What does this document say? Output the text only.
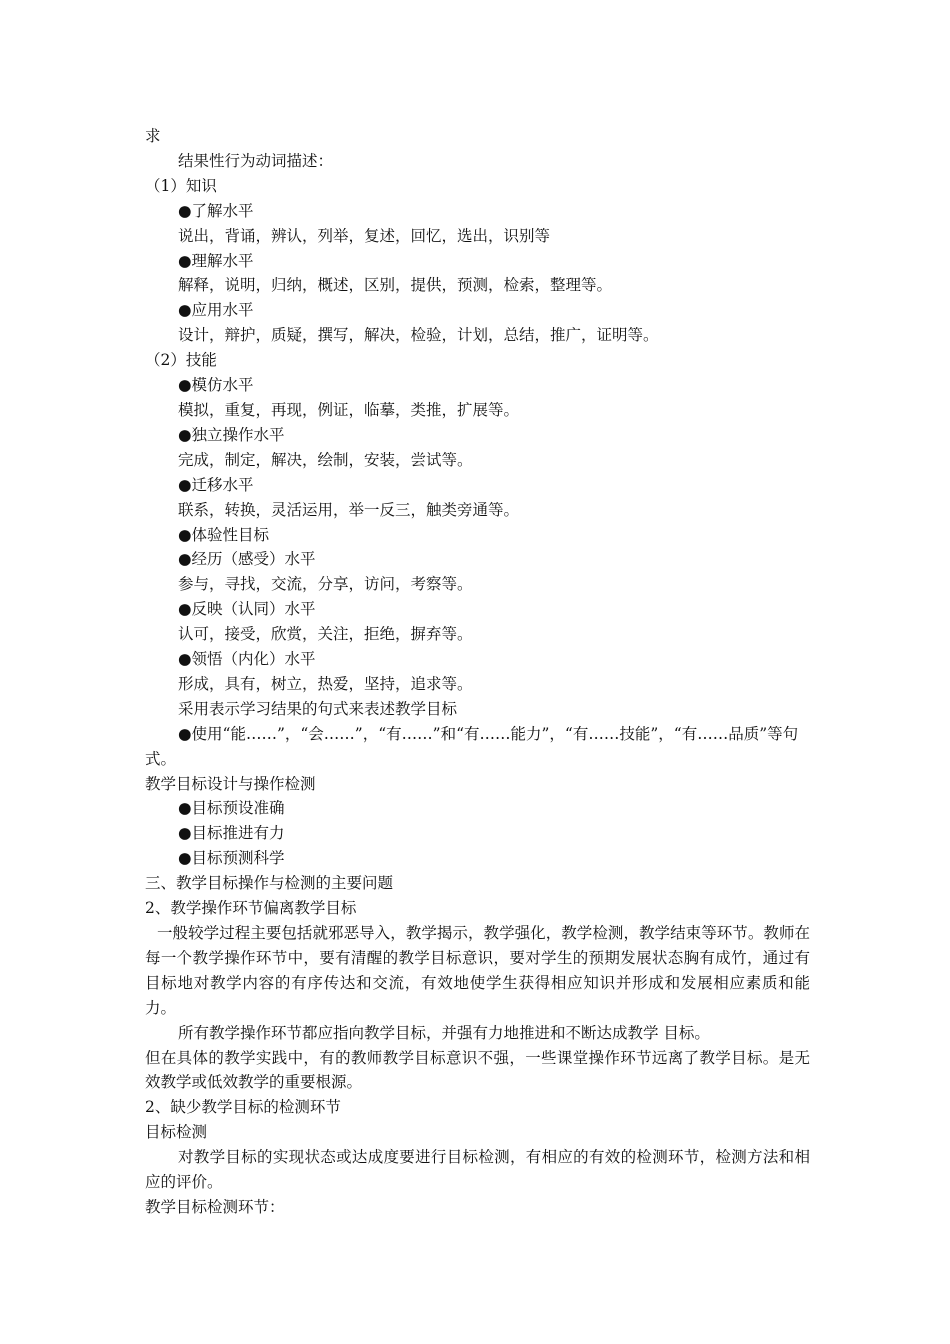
求
结果性行为动词描述：
（1）知识
●了解水平
说出，背诵，辨认，列举，复述，回忆，选出，识别等
●理解水平
解释，说明，归纳，概述，区别，提供，预测，检索，整理等。
●应用水平
设计，辩护，质疑，撰写，解决，检验，计划，总结，推广，证明等。
（2）技能
●模仿水平
模拟，重复，再现，例证，临摹，类推，扩展等。
●独立操作水平
完成，制定，解决，绘制，安装，尝试等。
●迁移水平
联系，转换，灵活运用，举一反三，触类旁通等。
●体验性目标
●经历（感受）水平
参与，寻找，交流，分享，访问，考察等。
●反映（认同）水平
认可，接受，欣赏，关注，拒绝，摒弃等。
●领悟（内化）水平
形成，具有，树立，热爱，坚持，追求等。
采用表示学习结果的句式来表述教学目标
●使用“能……”，“会……”，“有……”和“有……能力”，“有……技能”，“有……品质”等句式。
教学目标设计与操作检测
●目标预设准确
●目标推进有力
●目标预测科学
三、教学目标操作与检测的主要问题
2、教学操作环节偏离教学目标
一般较学过程主要包括就邪恶导入，教学揭示，教学强化，教学检测，教学结束等环节。教师在每一个教学操作环节中，要有清醒的教学目标意识，要对学生的预期发展状态胸有成竹，通过有目标地对教学内容的有序传达和交流，有效地使学生获得相应知识并形成和发展相应素质和能力。
所有教学操作环节都应指向教学目标，并强有力地推进和不断达成教学 目标。
但在具体的教学实践中，有的教师教学目标意识不强，一些课堂操作环节远离了教学目标。是无效教学或低效教学的重要根源。
2、缺少教学目标的检测环节
目标检测
对教学目标的实现状态或达成度要进行目标检测，有相应的有效的检测环节，检测方法和相应的评价。
教学目标检测环节：
